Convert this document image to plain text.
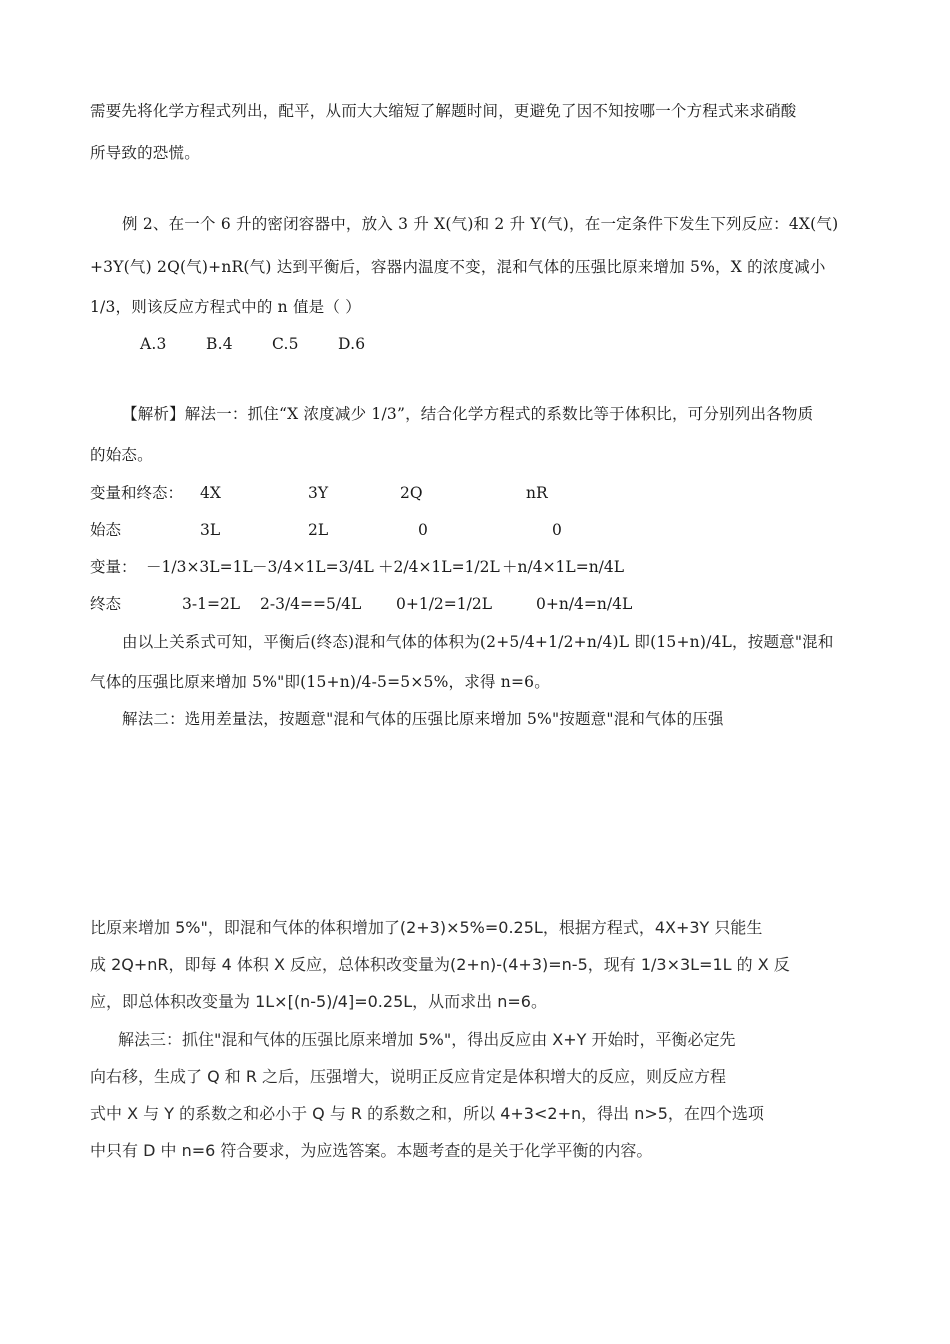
需要先将化学方程式列出，配平，从而大大缩短了解题时间，更避免了因不知按哪一个方程式来求硝酸
所导致的恐慌。
例 2、在一个 6 升的密闭容器中，放入 3 升 X(气)和 2 升 Y(气)，在一定条件下发生下列反应：4X(气)
+3Y(气) 2Q(气)+nR(气) 达到平衡后，容器内温度不变，混和气体的压强比原来增加 5%，X 的浓度减小
1/3，则该反应方程式中的 n 值是（ ）
A.3	B.4	C.5	D.6
【解析】解法一：抓住“X 浓度减少 1/3”，结合化学方程式的系数比等于体积比，可分别列出各物质
的始态。
变量和终态： 4X	3Y	2Q	nR
始态	3L	2L	0	0
变量： －1/3×3L=1L －3/4×1L=3/4L ＋2/4×1L=1/2L ＋n/4×1L=n/4L
终态	3-1=2L 2-3/4==5/4L 0+1/2=1/2L	0+n/4=n/4L
由以上关系式可知，平衡后(终态)混和气体的体积为(2+5/4+1/2+n/4)L 即(15+n)/4L，按题意"混和
气体的压强比原来增加 5%"即(15+n)/4-5=5×5%，求得 n=6。
解法二：选用差量法，按题意"混和气体的压强比原来增加 5%"按题意"混和气体的压强
比原来增加 5%"，即混和气体的体积增加了(2+3)×5%=0.25L，根据方程式，4X+3Y 只能生
成 2Q+nR，即每 4 体积 X 反应，总体积改变量为(2+n)-(4+3)=n-5，现有 1/3×3L=1L 的 X 反
应，即总体积改变量为 1L×[(n-5)/4]=0.25L，从而求出 n=6。
解法三：抓住"混和气体的压强比原来增加 5%"，得出反应由 X+Y 开始时，平衡必定先
向右移，生成了 Q 和 R 之后，压强增大，说明正反应肯定是体积增大的反应，则反应方程
式中 X 与 Y 的系数之和必小于 Q 与 R 的系数之和，所以 4+3<2+n，得出 n>5，在四个选项
中只有 D 中 n=6 符合要求，为应选答案。本题考查的是关于化学平衡的内容。
